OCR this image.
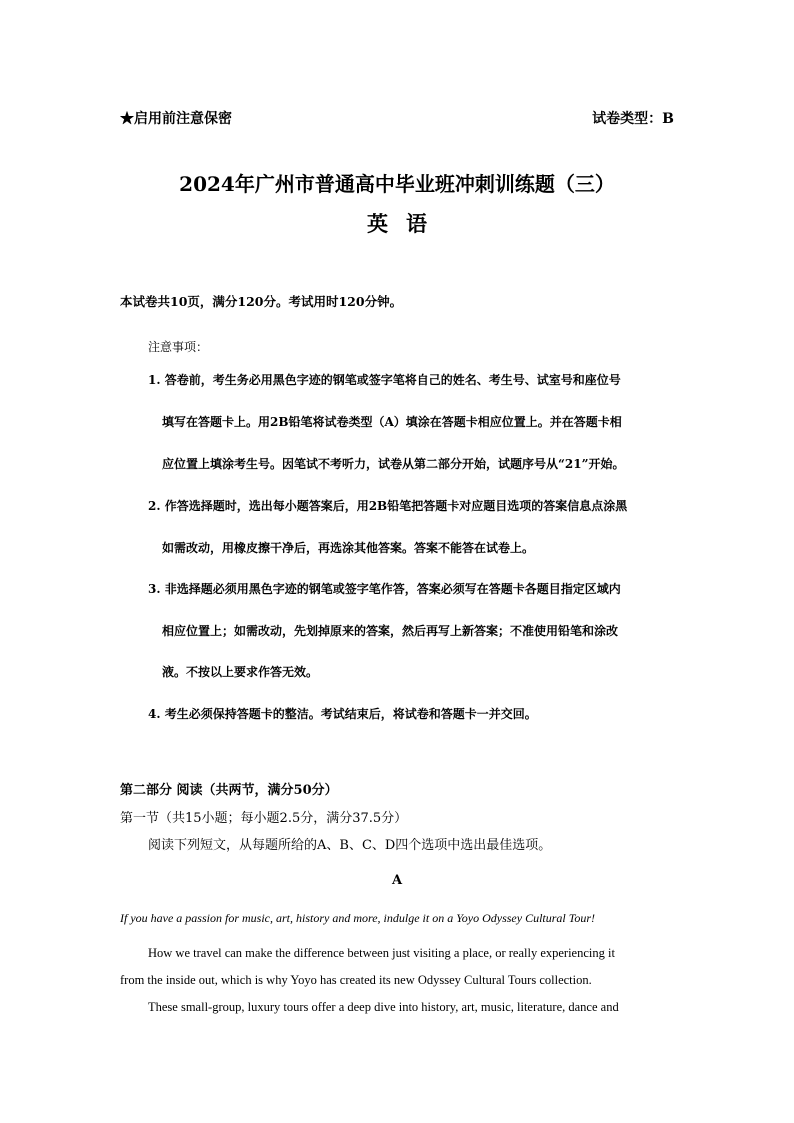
★启用前注意保密	试卷类型：B
2024年广州市普通高中毕业班冲刺训练题（三）
英语
本试卷共10页，满分120分。考试用时120分钟。
注意事项：
1. 答卷前，考生务必用黑色字迹的钢笔或签字笔将自己的姓名、考生号、试室号和座位号
填写在答题卡上。用2B铅笔将试卷类型（A）填涂在答题卡相应位置上。并在答题卡相
应位置上填涂考生号。因笔试不考听力，试卷从第二部分开始，试题序号从“21”开始。
2. 作答选择题时，选出每小题答案后，用2B铅笔把答题卡对应题目选项的答案信息点涂黑
如需改动，用橡皮擦干净后，再选涂其他答案。答案不能答在试卷上。
3. 非选择题必须用黑色字迹的钢笔或签字笔作答，答案必须写在答题卡各题目指定区域内
相应位置上；如需改动，先划掉原来的答案，然后再写上新答案；不准使用铅笔和涂改
液。不按以上要求作答无效。
4. 考生必须保持答题卡的整洁。考试结束后，将试卷和答题卡一并交回。
第二部分 阅读（共两节，满分50分）
第一节（共15小题；每小题2.5分，满分37.5分）
阅读下列短文，从每题所给的A、B、C、D四个选项中选出最佳选项。
A
If you have a passion for music, art, history and more, indulge it on a Yoyo Odyssey Cultural Tour!
How we travel can make the difference between just visiting a place, or really experiencing it
from the inside out, which is why Yoyo has created its new Odyssey Cultural Tours collection.
These small-group, luxury tours offer a deep dive into history, art, music, literature, dance and
